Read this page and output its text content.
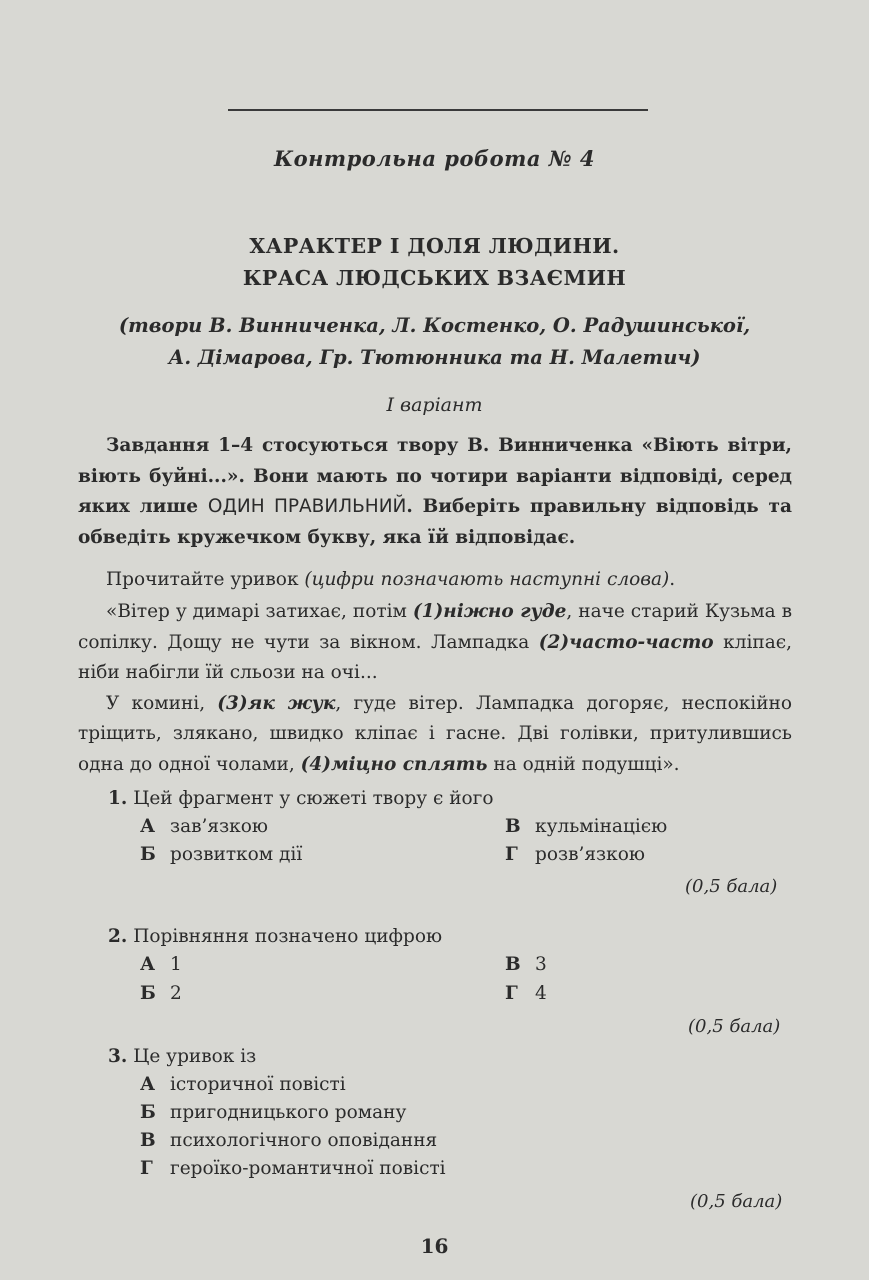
Контрольна робота № 4
ХАРАКТЕР І ДОЛЯ ЛЮДИНИ.
КРАСА ЛЮДСЬКИХ ВЗАЄМИН
(твори В. Винниченка, Л. Костенко, О. Радушинської,
А. Дімарова, Гр. Тютюнника та Н. Малетич)
І варіант
Завдання 1–4 стосуються твору В. Винниченка «Віють вітри, віють буйні...». Вони мають по чотири варіанти відповіді, серед яких лише ОДИН ПРАВИЛЬНИЙ. Виберіть правильну відповідь та обведіть кружечком букву, яка їй відповідає.
Прочитайте уривок (цифри позначають наступні слова).
«Вітер у димарі затихає, потім (1)ніжно гуде, наче старий Кузьма в сопілку. Дощу не чути за вікном. Лампадка (2)часто-часто кліпає, ніби набігли їй сльози на очі...
У комині, (3)як жук, гуде вітер. Лампадка догоряє, неспокійно тріщить, злякано, швидко кліпає і гасне. Дві голівки, притулившись одна до одної чолами, (4)міцно сплять на одній подушці».
1. Цей фрагмент у сюжеті твору є його
А зав’язкою	В кульмінацією
Б розвитком дії	Г розв’язкою
(0,5 бала)
2. Порівняння позначено цифрою
А 1	В 3
Б 2	Г 4
(0,5 бала)
3. Це уривок із
А історичної повісті
Б пригодницького роману
В психологічного оповідання
Г героїко-романтичної повісті
(0,5 бала)
16
